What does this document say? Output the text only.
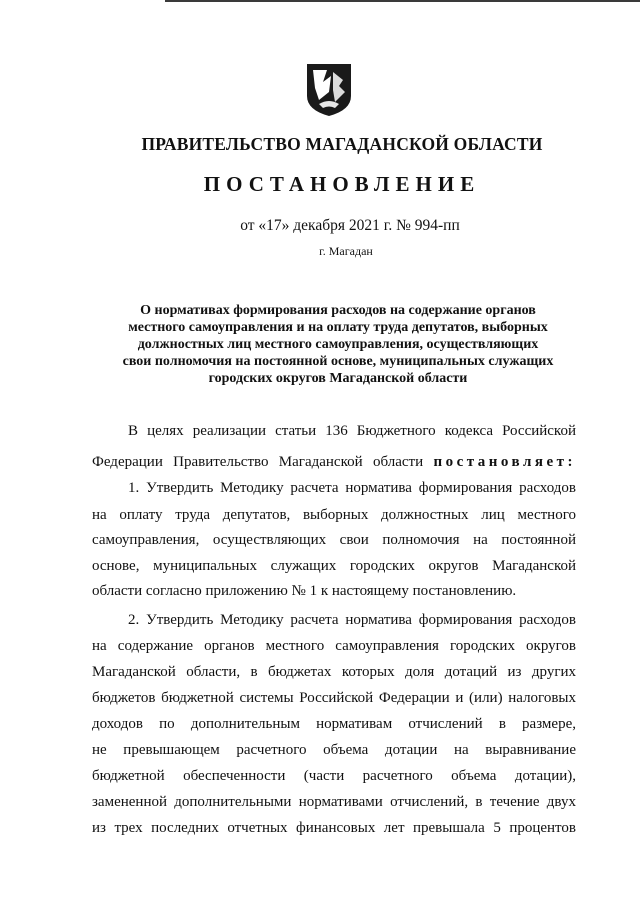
ПРАВИТЕЛЬСТВО МАГАДАНСКОЙ ОБЛАСТИ
ПОСТАНОВЛЕНИЕ
от «17» декабря 2021 г. № 994-пп
г. Магадан
О нормативах формирования расходов на содержание органов
местного самоуправления и на оплату труда депутатов, выборных
должностных лиц местного самоуправления, осуществляющих
свои полномочия на постоянной основе, муниципальных служащих
городских округов Магаданской области
В целях реализации статьи 136 Бюджетного кодекса Российской
Федерации Правительство Магаданской области постановляет:
1. Утвердить Методику расчета норматива формирования расходов
на оплату труда депутатов, выборных должностных лиц местного
самоуправления, осуществляющих свои полномочия на постоянной
основе, муниципальных служащих городских округов Магаданской
области согласно приложению № 1 к настоящему постановлению.
2. Утвердить Методику расчета норматива формирования расходов
на содержание органов местного самоуправления городских округов
Магаданской области, в бюджетах которых доля дотаций из других
бюджетов бюджетной системы Российской Федерации и (или) налоговых
доходов по дополнительным нормативам отчислений в размере,
не превышающем расчетного объема дотации на выравнивание
бюджетной обеспеченности (части расчетного объема дотации),
замененной дополнительными нормативами отчислений, в течение двух
из трех последних отчетных финансовых лет превышала 5 процентов
